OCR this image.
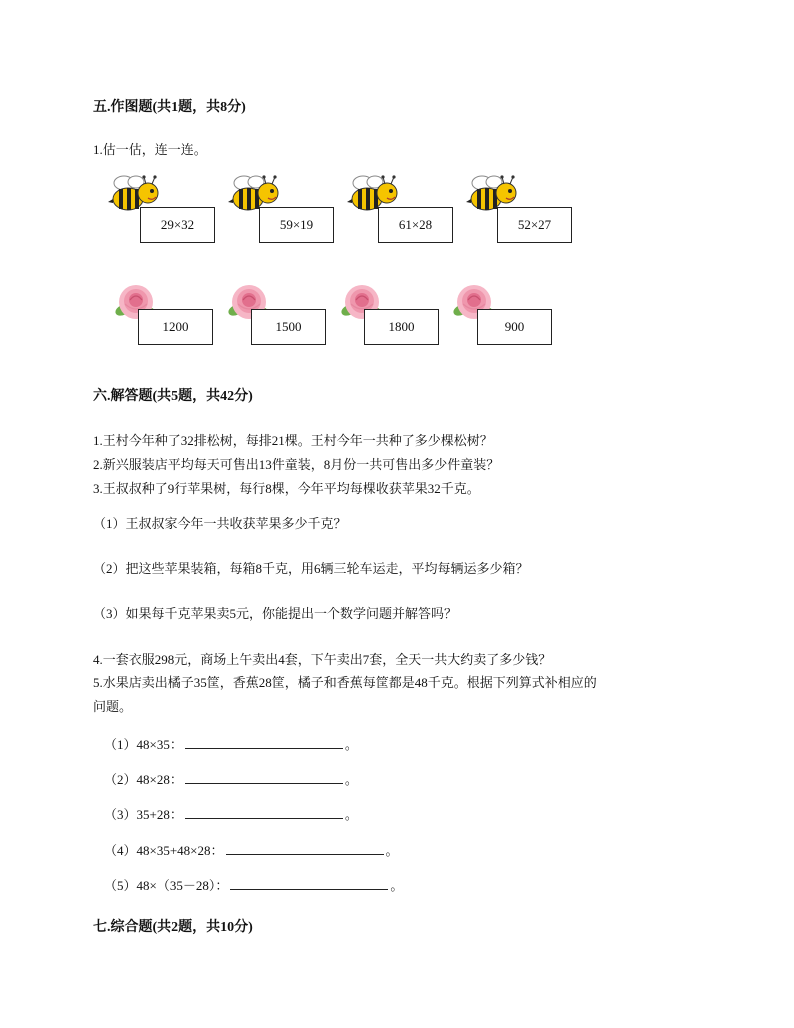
五.作图题(共1题，共8分)
1.估一估，连一连。
29×32	59×19	61×28	52×27
1200	1500	1800	900
六.解答题(共5题，共42分)
1.王村今年种了32排松树，每排21棵。王村今年一共种了多少棵松树？
2.新兴服装店平均每天可售出13件童装，8月份一共可售出多少件童装？
3.王叔叔种了9行苹果树，每行8棵，今年平均每棵收获苹果32千克。
（1）王叔叔家今年一共收获苹果多少千克？
（2）把这些苹果装箱，每箱8千克，用6辆三轮车运走，平均每辆运多少箱？
（3）如果每千克苹果卖5元，你能提出一个数学问题并解答吗？
4.一套衣服298元，商场上午卖出4套，下午卖出7套，全天一共大约卖了多少钱？
5.水果店卖出橘子35筐，香蕉28筐，橘子和香蕉每筐都是48千克。根据下列算式补相应的
问题。
（1）48×35：	。
（2）48×28：	。
（3）35+28：	。
（4）48×35+48×28：	。
（5）48×（35－28）：	。
七.综合题(共2题，共10分)
